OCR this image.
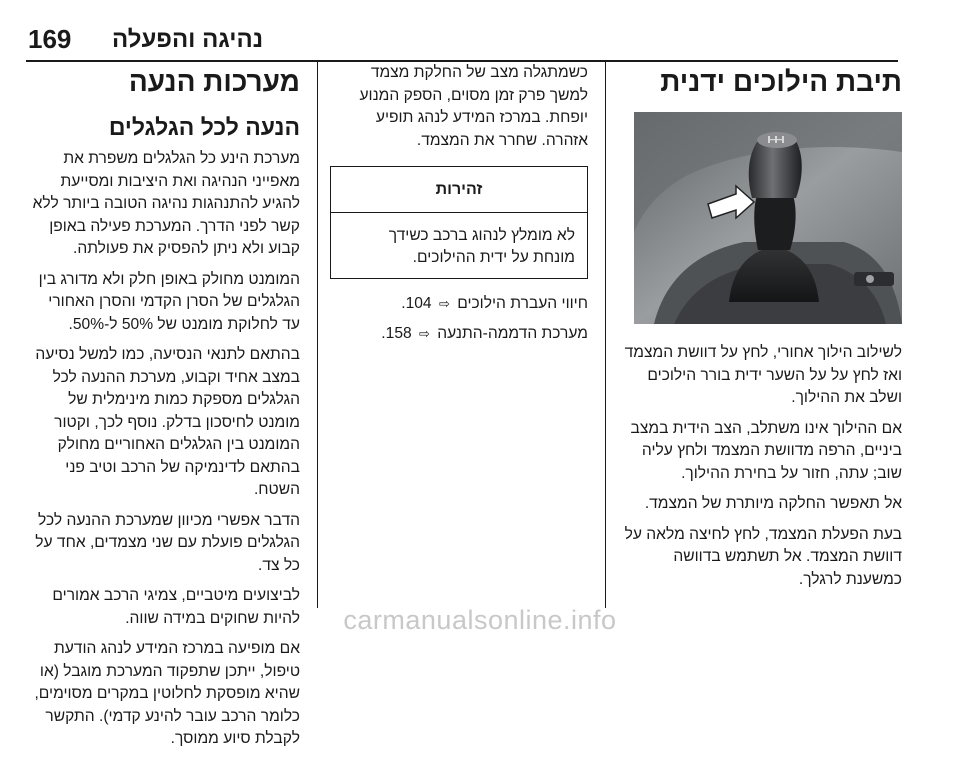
169 נהיגה והפעלה
תיבת הילוכים ידנית

לשילוב הילוך אחורי, לחץ על דוושת המצמד ואז לחץ על על השער ידית בורר הילוכים ושלב את ההילוך.

אם ההילוך אינו משתלב, הצב הידית במצב ביניים, הרפה מדוושת המצמד ולחץ עליה שוב; עתה, חזור על בחירת ההילוך.

אל תאפשר החלקה מיותרת של המצמד.

בעת הפעלת המצמד, לחץ לחיצה מלאה על דוושת המצמד. אל תשתמש בדוושה כמשענת לרגלך.

כשמתגלה מצב של החלקת מצמד למשך פרק זמן מסוים, הספק המנוע יופחת. במרכז המידע לנהג תופיע אזהרה. שחרר את המצמד.

זהירות
לא מומלץ לנהוג ברכב כשידך מונחת על ידית ההילוכים.
חיווי העברת הילוכים ⇨ 104.
מערכת הדממה-התנעה ⇨ 158.
מערכות הנעה
הנעה לכל הגלגלים

מערכת הינע כל הגלגלים משפרת את מאפייני הנהיגה ואת היציבות ומסייעת להגיע להתנהגות נהיגה הטובה ביותר ללא קשר לפני הדרך. המערכת פעילה באופן קבוע ולא ניתן להפסיק את פעולתה.

המומנט מחולק באופן חלק ולא מדורג בין הגלגלים של הסרן הקדמי והסרן האחורי עד לחלוקת מומנט של 50% ל-50%.

בהתאם לתנאי הנסיעה, כמו למשל נסיעה במצב אחיד וקבוע, מערכת ההנעה לכל הגלגלים מספקת כמות מינימלית של מומנט לחיסכון בדלק. נוסף לכך, וקטור המומנט בין הגלגלים האחוריים מחולק בהתאם לדינמיקה של הרכב וטיב פני השטח.

הדבר אפשרי מכיוון שמערכת ההנעה לכל הגלגלים פועלת עם שני מצמדים, אחד על כל צד.

לביצועים מיטביים, צמיגי הרכב אמורים להיות שחוקים במידה שווה.

אם מופיעה במרכז המידע לנהג הודעת טיפול, ייתכן שתפקוד המערכת מוגבל (או שהיא מופסקת לחלוטין במקרים מסוימים, כלומר הרכב עובר להינע קדמי). התקשר לקבלת סיוע ממוסך.

carmanualsonline.info
